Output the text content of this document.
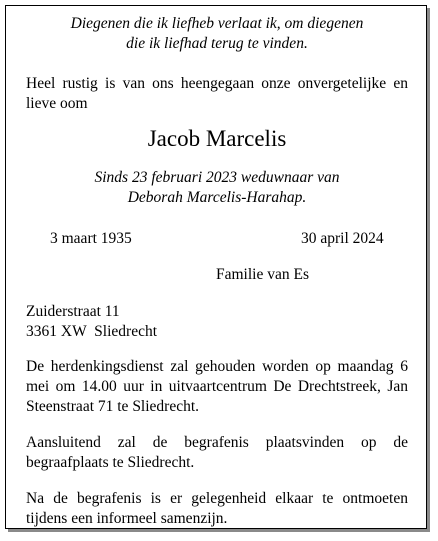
Diegenen die ik liefheb verlaat ik, om diegenen
die ik liefhad terug te vinden.
Heel rustig is van ons heengegaan onze onvergetelijke en lieve oom
Jacob Marcelis
Sinds 23 februari 2023 weduwnaar van
Deborah Marcelis-Harahap.
3 maart 1935	30 april 2024
Familie van Es
Zuiderstraat 11
3361 XW  Sliedrecht
De herdenkingsdienst zal gehouden worden op maandag 6 mei om 14.00 uur in uitvaartcentrum De Drechtstreek, Jan Steenstraat 71 te Sliedrecht.
Aansluitend zal de begrafenis plaatsvinden op de begraafplaats te Sliedrecht.
Na de begrafenis is er gelegenheid elkaar te ontmoeten tijdens een informeel samenzijn.
